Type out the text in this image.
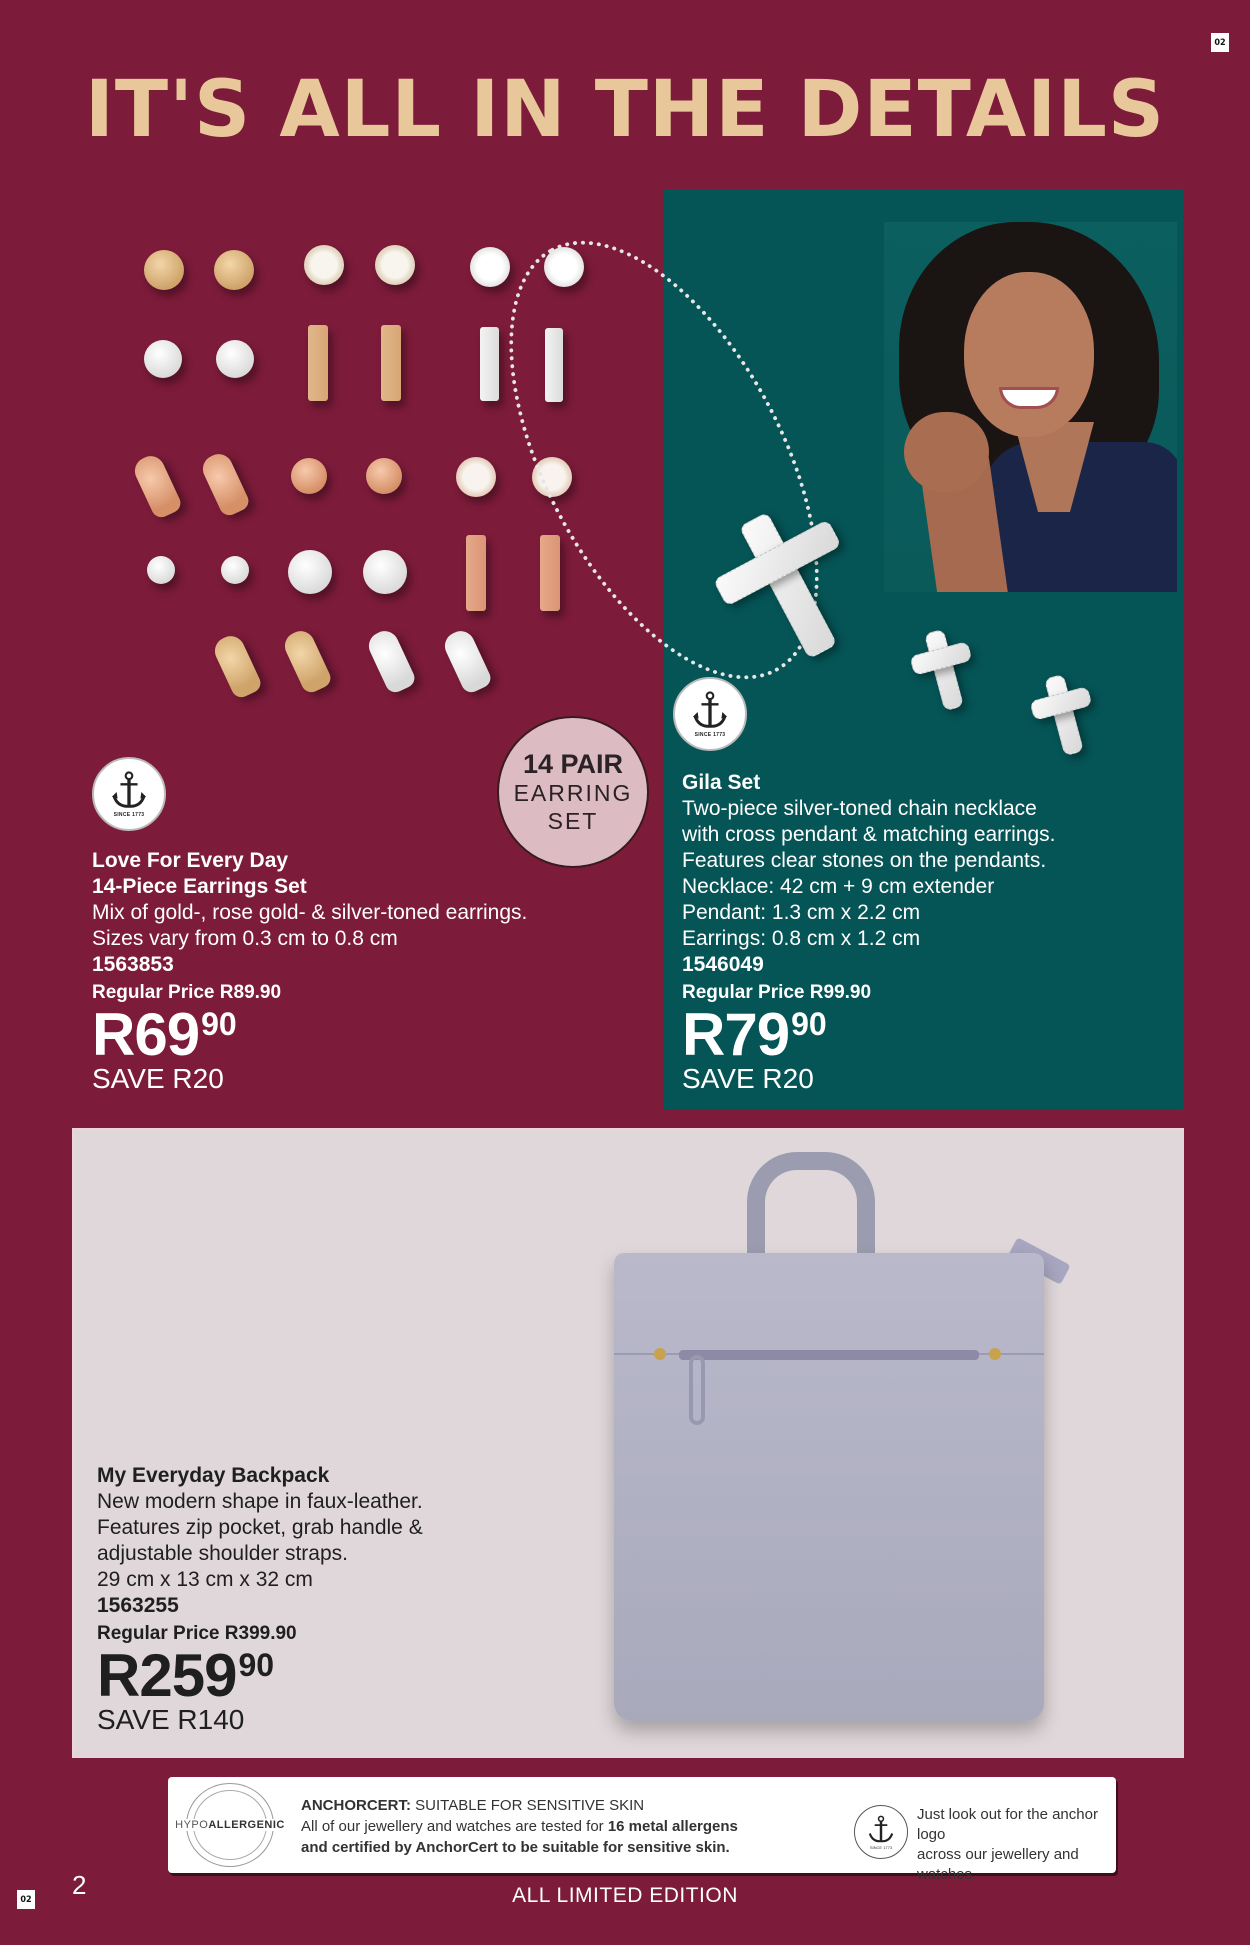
02
IT'S ALL IN THE DETAILS
14 PAIR
EARRING
SET
SINCE 1773
Love For Every Day
14-Piece Earrings Set
Mix of gold-, rose gold- & silver-toned earrings.
Sizes vary from 0.3 cm to 0.8 cm
1563853
Regular Price R89.90
R69 90
SAVE R20
SINCE 1773
Gila Set
Two-piece silver-toned chain necklace
with cross pendant & matching earrings.
Features clear stones on the pendants.
Necklace: 42 cm + 9 cm extender
Pendant: 1.3 cm x 2.2 cm
Earrings: 0.8 cm x 1.2 cm
1546049
Regular Price R99.90
R79 90
SAVE R20
My Everyday Backpack
New modern shape in faux-leather.
Features zip pocket, grab handle &
adjustable shoulder straps.
29 cm x 13 cm x 32 cm
1563255
Regular Price R399.90
R259 90
SAVE R140
HYPOALLERGENIC
ANCHORCERT: SUITABLE FOR SENSITIVE SKIN
All of our jewellery and watches are tested for 16 metal allergens
and certified by AnchorCert to be suitable for sensitive skin.	SINCE 1773
Just look out for the anchor logo
across our jewellery and watches.
02 2	ALL LIMITED EDITION
